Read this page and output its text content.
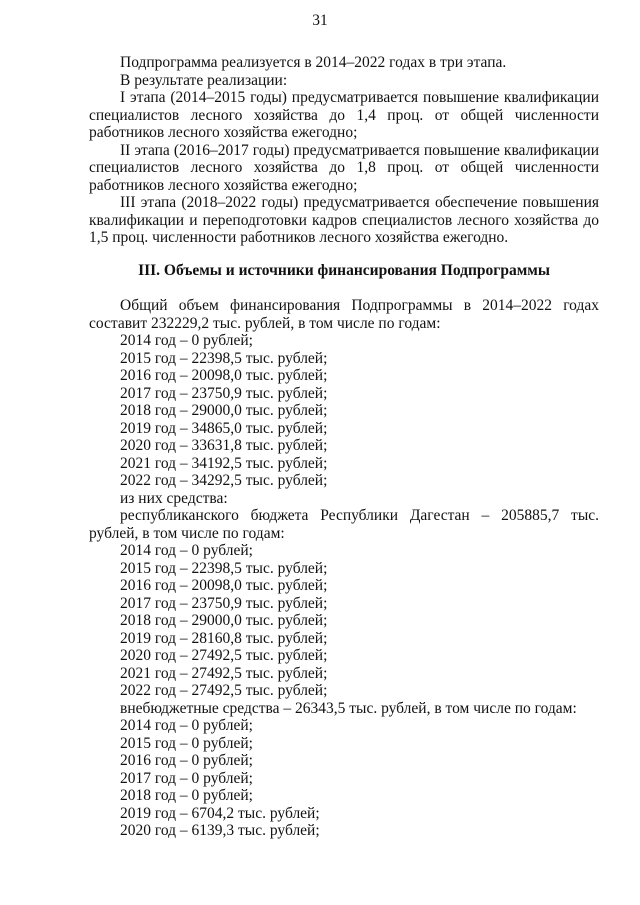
31

Подпрограмма реализуется в 2014–2022 годах в три этапа.

В результате реализации:

I этапа (2014–2015 годы) предусматривается повышение квалификации специалистов лесного хозяйства до 1,4 проц. от общей численности работников лесного хозяйства ежегодно;

II этапа (2016–2017 годы) предусматривается повышение квалификации специалистов лесного хозяйства до 1,8 проц. от общей численности работников лесного хозяйства ежегодно;

III этапа (2018–2022 годы) предусматривается обеспечение повышения квалификации и переподготовки кадров специалистов лесного хозяйства до 1,5 проц. численности работников лесного хозяйства ежегодно.

III. Объемы и источники финансирования Подпрограммы

Общий объем финансирования Подпрограммы в 2014–2022 годах составит 232229,2 тыс. рублей, в том числе по годам:

2014 год – 0 рублей;

2015 год – 22398,5 тыс. рублей;

2016 год – 20098,0 тыс. рублей;

2017 год – 23750,9 тыс. рублей;

2018 год – 29000,0 тыс. рублей;

2019 год – 34865,0 тыс. рублей;

2020 год – 33631,8 тыс. рублей;

2021 год – 34192,5 тыс. рублей;

2022 год – 34292,5 тыс. рублей;

из них средства:

республиканского бюджета Республики Дагестан – 205885,7 тыс. рублей, в том числе по годам:

2014 год – 0 рублей;

2015 год – 22398,5 тыс. рублей;

2016 год – 20098,0 тыс. рублей;

2017 год – 23750,9 тыс. рублей;

2018 год – 29000,0 тыс. рублей;

2019 год – 28160,8 тыс. рублей;

2020 год – 27492,5 тыс. рублей;

2021 год – 27492,5 тыс. рублей;

2022 год – 27492,5 тыс. рублей;

внебюджетные средства – 26343,5 тыс. рублей, в том числе по годам:

2014 год – 0 рублей;

2015 год – 0 рублей;

2016 год – 0 рублей;

2017 год – 0 рублей;

2018 год – 0 рублей;

2019 год – 6704,2 тыс. рублей;

2020 год – 6139,3 тыс. рублей;
